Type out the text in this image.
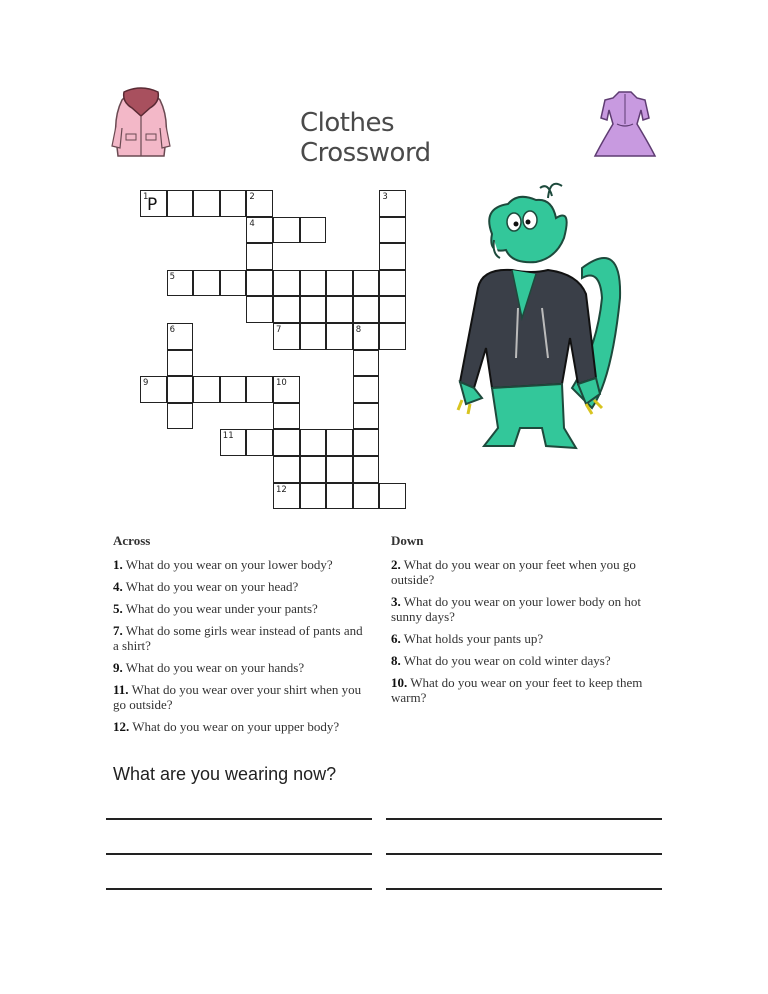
Clothes Crossword
1
P	2	3
4
5
6	7	8
9	10
11
12
Across
1. What do you wear on your lower body?
4. What do you wear on your head?
5. What do you wear under your pants?
7. What do some girls wear instead of pants and a shirt?
9. What do you wear on your hands?
11. What do you wear over your shirt when you go outside?
12. What do you wear on your upper body?
Down
2. What do you wear on your feet when you go outside?
3. What do you wear on your lower body on hot sunny days?
6. What holds your pants up?
8. What do you wear on cold winter days?
10. What do you wear on your feet to keep them warm?
What are you wearing now?
